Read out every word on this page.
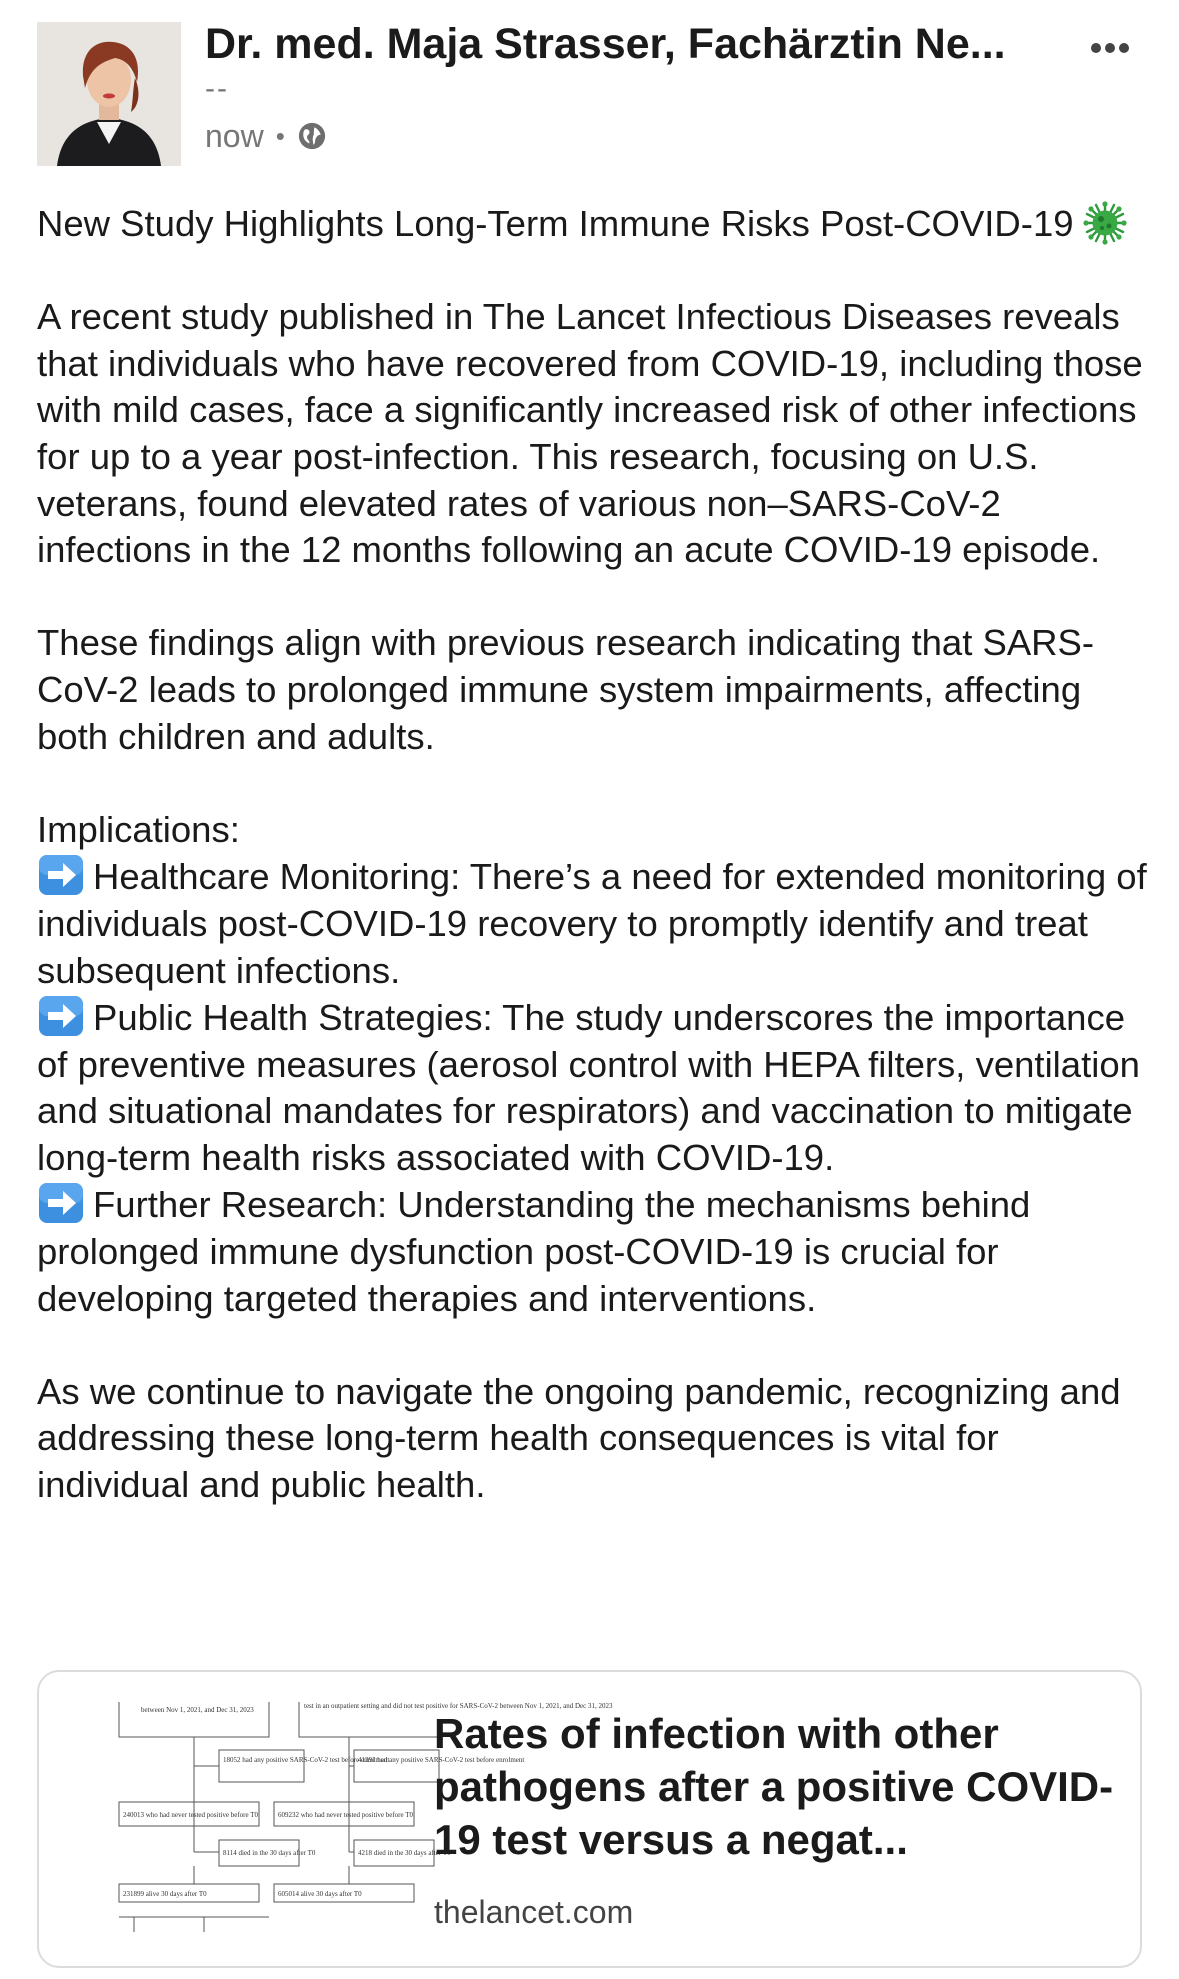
Dr. med. Maja Strasser, Fachärztin Ne...
--
now •

New Study Highlights Long-Term Immune Risks Post-COVID-19

A recent study published in The Lancet Infectious Diseases reveals that individuals who have recovered from COVID-19, including those with mild cases, face a significantly increased risk of other infections for up to a year post-infection. This research, focusing on U.S. veterans, found elevated rates of various non–SARS-CoV-2 infections in the 12 months following an acute COVID-19 episode.

These findings align with previous research indicating that SARS-CoV-2 leads to prolonged immune system impairments, affecting both children and adults.

Implications:

Healthcare Monitoring: There’s a need for extended monitoring of individuals post-COVID-19 recovery to promptly identify and treat subsequent infections.

Public Health Strategies: The study underscores the importance of preventive measures (aerosol control with HEPA filters, ventilation and situational mandates for respirators) and vaccination to mitigate long-term health risks associated with COVID-19.

Further Research: Understanding the mechanisms behind prolonged immune dysfunction post-COVID-19 is crucial for developing targeted therapies and interventions.

As we continue to navigate the ongoing pandemic, recognizing and addressing these long-term health consequences is vital for individual and public health.

between Nov 1, 2021, and Dec 31, 2023	test in an outpatient setting and did not test positive for SARS-CoV-2 between Nov 1, 2021, and Dec 31, 2023
18052 had any positive SARS-CoV-2 test before enrolment
41391 had any positive SARS-CoV-2 test before enrolment
240013 who had never tested positive before T0	609232 who had never tested positive before T0
8114 died in the 30 days after T0	4218 died in the 30 days after T0
231899 alive 30 days after T0	605014 alive 30 days after T0
Rates of infection with other pathogens after a positive COVID-19 test versus a negat...
thelancet.com
